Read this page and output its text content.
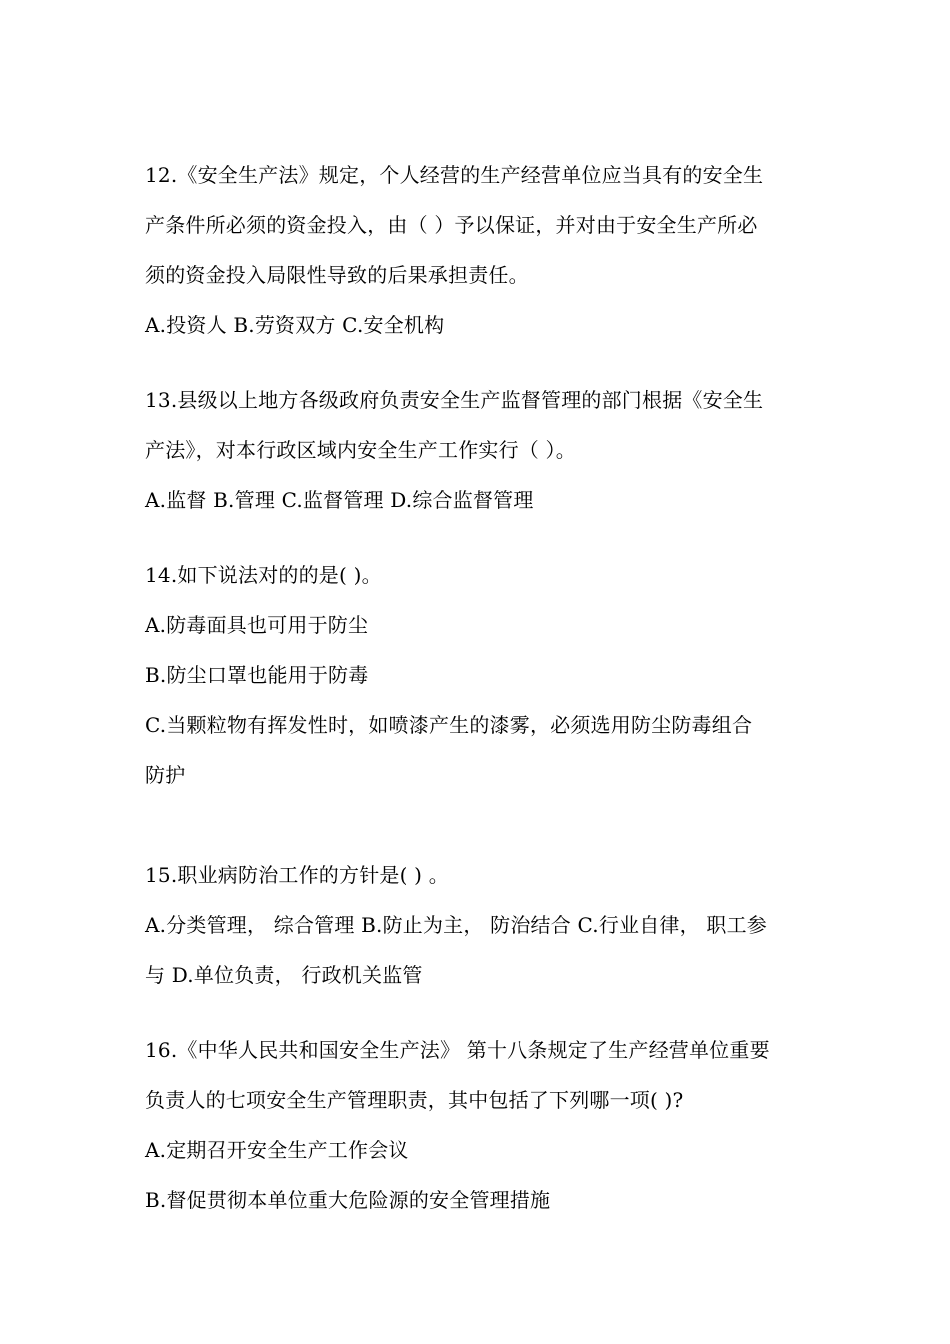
12.《安全生产法》规定，个人经营的生产经营单位应当具有的安全生
产条件所必须的资金投入，由（ ）予以保证，并对由于安全生产所必
须的资金投入局限性导致的后果承担责任。
A.投资人 B.劳资双方 C.安全机构
13.县级以上地方各级政府负责安全生产监督管理的部门根据《安全生
产法》，对本行政区域内安全生产工作实行（ ）。
A.监督 B.管理 C.监督管理 D.综合监督管理
14.如下说法对的的是( )。
A.防毒面具也可用于防尘
B.防尘口罩也能用于防毒
C.当颗粒物有挥发性时，如喷漆产生的漆雾，必须选用防尘防毒组合
防护
15.职业病防治工作的方针是( ) 。
A.分类管理， 综合管理 B.防止为主， 防治结合 C.行业自律， 职工参
与 D.单位负责， 行政机关监管
16.《中华人民共和国安全生产法》 第十八条规定了生产经营单位重要
负责人的七项安全生产管理职责，其中包括了下列哪一项( )?
A.定期召开安全生产工作会议
B.督促贯彻本单位重大危险源的安全管理措施
